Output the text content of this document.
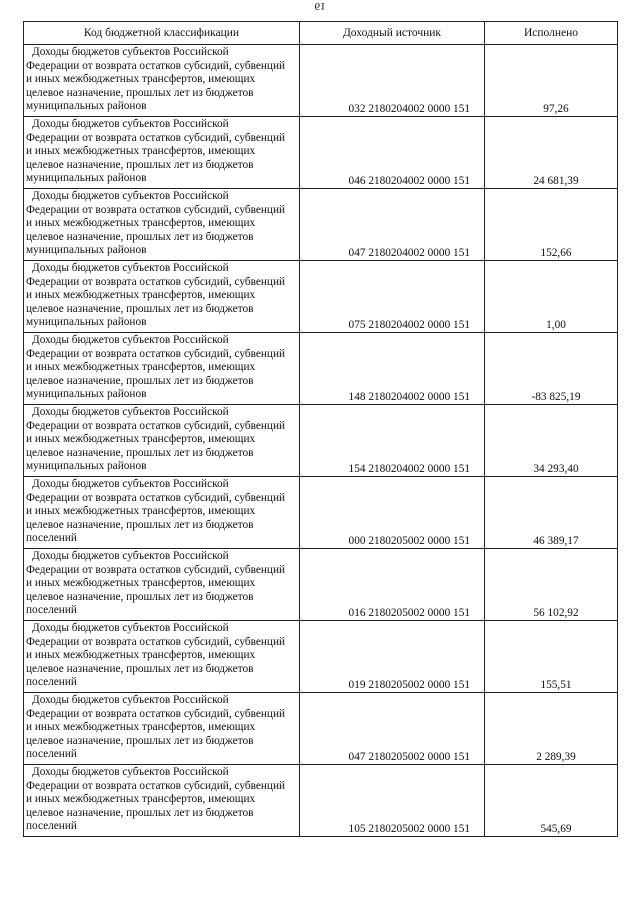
61
Код бюджетной классификации	Доходный источник	Исполнено

Доходы бюджетов субъектов Российской
Федерации от возврата остатков субсидий, субвенций
и иных межбюджетных трансфертов, имеющих
целевое назначение, прошлых лет из бюджетов
муниципальных районов	032 2180204002 0000 151	97,26

Доходы бюджетов субъектов Российской
Федерации от возврата остатков субсидий, субвенций
и иных межбюджетных трансфертов, имеющих
целевое назначение, прошлых лет из бюджетов
муниципальных районов	046 2180204002 0000 151	24 681,39

Доходы бюджетов субъектов Российской
Федерации от возврата остатков субсидий, субвенций
и иных межбюджетных трансфертов, имеющих
целевое назначение, прошлых лет из бюджетов
муниципальных районов	047 2180204002 0000 151	152,66

Доходы бюджетов субъектов Российской
Федерации от возврата остатков субсидий, субвенций
и иных межбюджетных трансфертов, имеющих
целевое назначение, прошлых лет из бюджетов
муниципальных районов	075 2180204002 0000 151	1,00

Доходы бюджетов субъектов Российской
Федерации от возврата остатков субсидий, субвенций
и иных межбюджетных трансфертов, имеющих
целевое назначение, прошлых лет из бюджетов
муниципальных районов	148 2180204002 0000 151	-83 825,19

Доходы бюджетов субъектов Российской
Федерации от возврата остатков субсидий, субвенций
и иных межбюджетных трансфертов, имеющих
целевое назначение, прошлых лет из бюджетов
муниципальных районов	154 2180204002 0000 151	34 293,40

Доходы бюджетов субъектов Российской
Федерации от возврата остатков субсидий, субвенций
и иных межбюджетных трансфертов, имеющих
целевое назначение, прошлых лет из бюджетов
поселений	000 2180205002 0000 151	46 389,17

Доходы бюджетов субъектов Российской
Федерации от возврата остатков субсидий, субвенций
и иных межбюджетных трансфертов, имеющих
целевое назначение, прошлых лет из бюджетов
поселений	016 2180205002 0000 151	56 102,92

Доходы бюджетов субъектов Российской
Федерации от возврата остатков субсидий, субвенций
и иных межбюджетных трансфертов, имеющих
целевое назначение, прошлых лет из бюджетов
поселений	019 2180205002 0000 151	155,51

Доходы бюджетов субъектов Российской
Федерации от возврата остатков субсидий, субвенций
и иных межбюджетных трансфертов, имеющих
целевое назначение, прошлых лет из бюджетов
поселений	047 2180205002 0000 151	2 289,39

Доходы бюджетов субъектов Российской
Федерации от возврата остатков субсидий, субвенций
и иных межбюджетных трансфертов, имеющих
целевое назначение, прошлых лет из бюджетов
поселений	105 2180205002 0000 151	545,69
